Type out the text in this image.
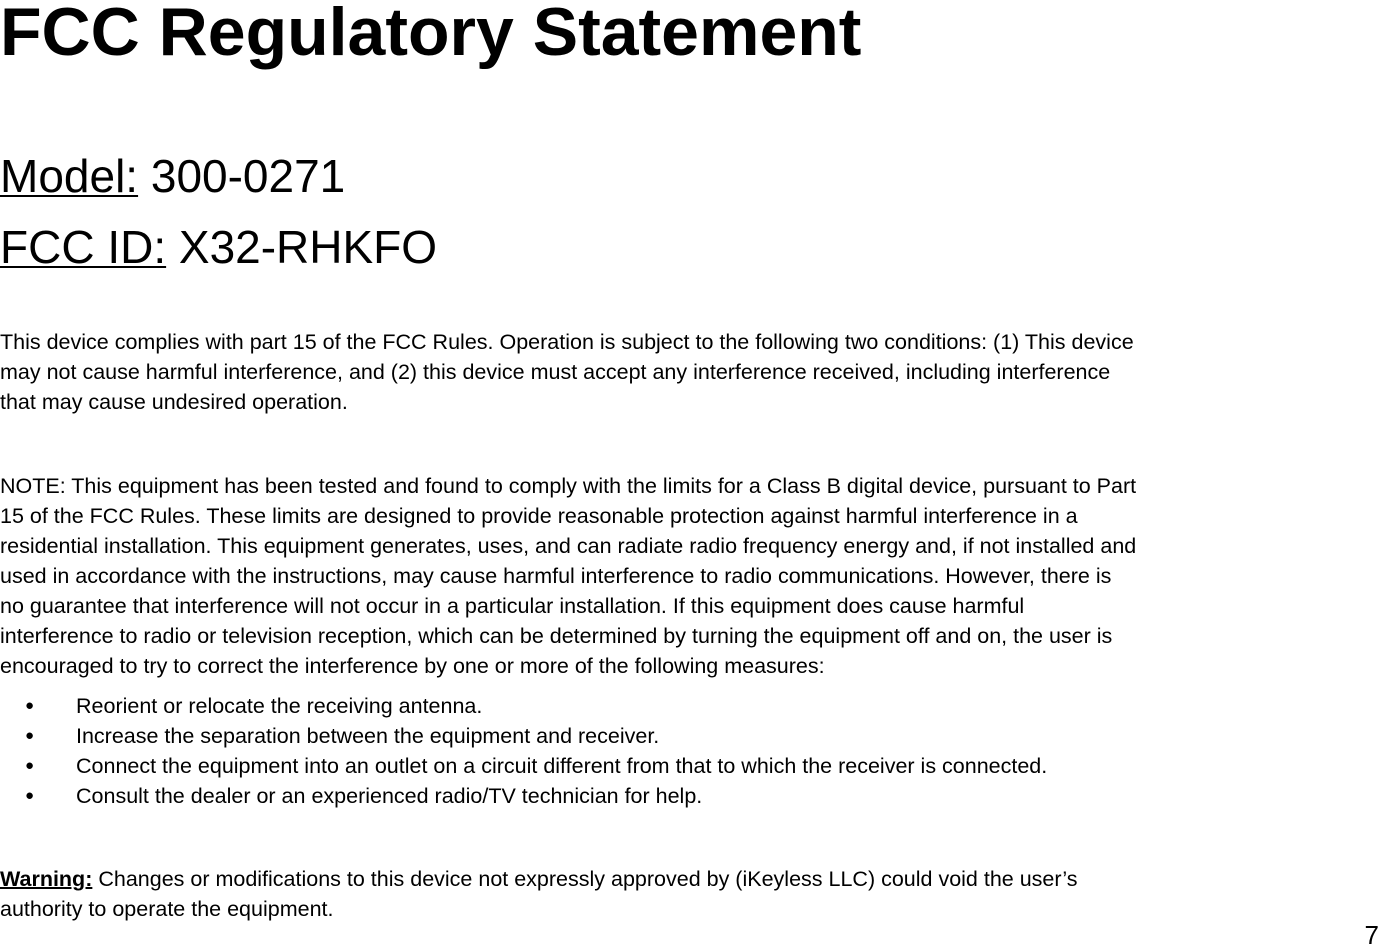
FCC Regulatory Statement

Model: 300-0271

FCC ID: X32-RHKFO

This device complies with part 15 of the FCC Rules. Operation is subject to the following two conditions: (1) This device
may not cause harmful interference, and (2) this device must accept any interference received, including interference
that may cause undesired operation.

NOTE: This equipment has been tested and found to comply with the limits for a Class B digital device, pursuant to Part
15 of the FCC Rules. These limits are designed to provide reasonable protection against harmful interference in a
residential installation. This equipment generates, uses, and can radiate radio frequency energy and, if not installed and
used in accordance with the instructions, may cause harmful interference to radio communications. However, there is
no guarantee that interference will not occur in a particular installation. If this equipment does cause harmful
interference to radio or television reception, which can be determined by turning the equipment off and on, the user is
encouraged to try to correct the interference by one or more of the following measures:

● Reorient or relocate the receiving antenna.
● Increase the separation between the equipment and receiver.
● Connect the equipment into an outlet on a circuit different from that to which the receiver is connected.
● Consult the dealer or an experienced radio/TV technician for help.

Warning: Changes or modifications to this device not expressly approved by (iKeyless LLC) could void the user’s
authority to operate the equipment.

7
